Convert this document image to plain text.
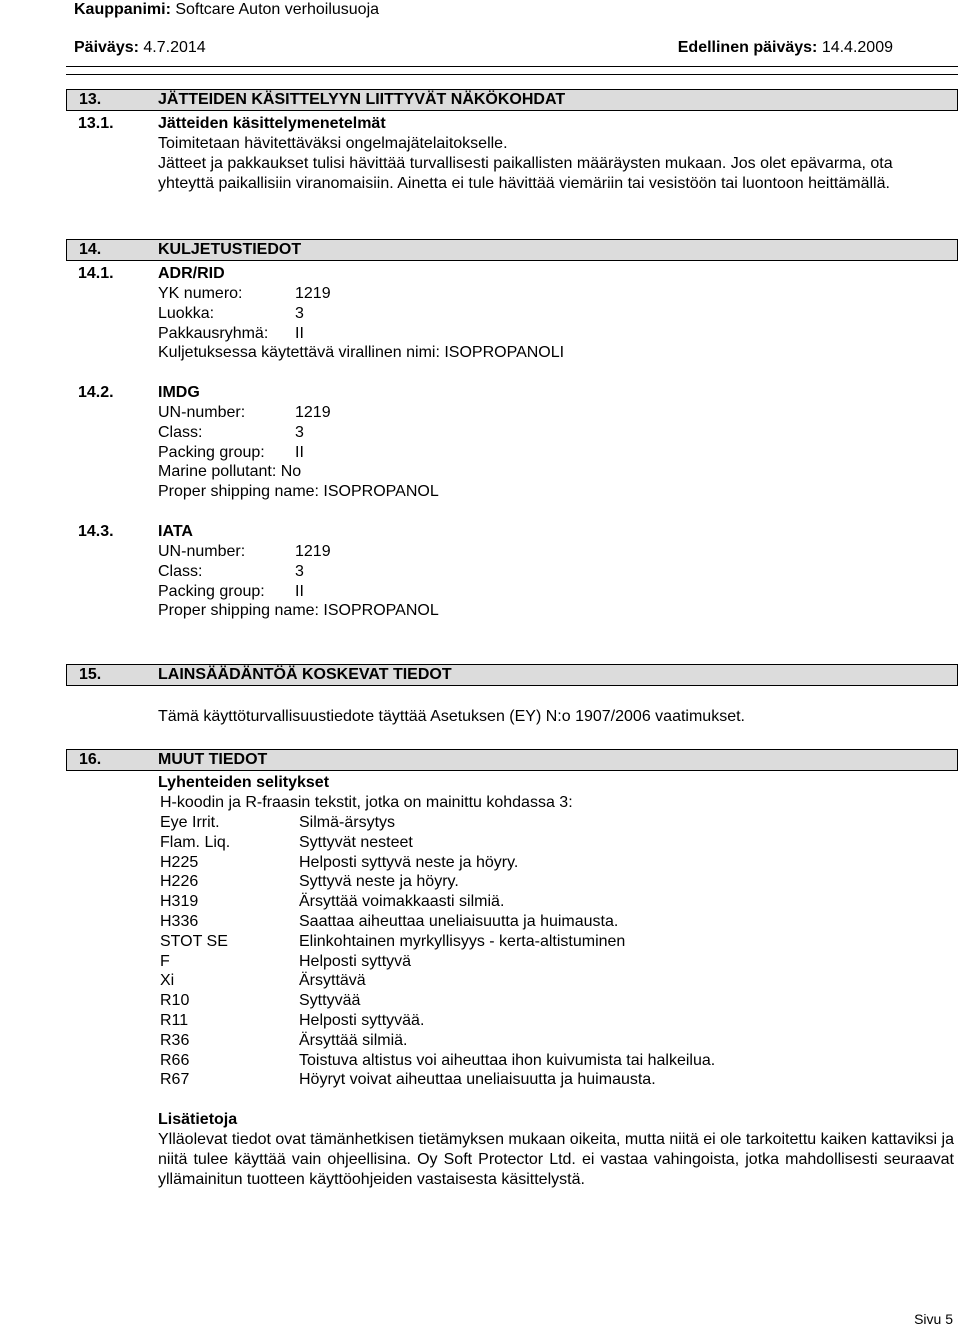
Kauppanimi: Softcare Auton verhoilusuoja
Päiväys: 4.7.2014	Edellinen päiväys: 14.4.2009
13.	JÄTTEIDEN KÄSITTELYYN LIITTYVÄT NÄKÖKOHDAT
13.1.	Jätteiden käsittelymenetelmät
Toimitetaan hävitettäväksi ongelmajätelaitokselle.
Jätteet ja pakkaukset tulisi hävittää turvallisesti paikallisten määräysten mukaan. Jos olet epävarma, ota
yhteyttä paikallisiin viranomaisiin. Ainetta ei tule hävittää viemäriin tai vesistöön tai luontoon heittämällä.
14.	KULJETUSTIEDOT
14.1.	ADR/RID
YK numero:	1219
Luokka:	3
Pakkausryhmä: II
Kuljetuksessa käytettävä virallinen nimi: ISOPROPANOLI
14.2.	IMDG
UN-number:	1219
Class:	3
Packing group: II
Marine pollutant: No
Proper shipping name: ISOPROPANOL
14.3.	IATA
UN-number:	1219
Class:	3
Packing group: II
Proper shipping name: ISOPROPANOL
15.	LAINSÄÄDÄNTÖÄ KOSKEVAT TIEDOT
Tämä käyttöturvallisuustiedote täyttää Asetuksen (EY) N:o 1907/2006 vaatimukset.
16.	MUUT TIEDOT
Lyhenteiden selitykset
H-koodin ja R-fraasin tekstit, jotka on mainittu kohdassa 3:
Eye Irrit.	Silmä-ärsytys
Flam. Liq.	Syttyvät nesteet
H225	Helposti syttyvä neste ja höyry.
H226	Syttyvä neste ja höyry.
H319	Ärsyttää voimakkaasti silmiä.
H336	Saattaa aiheuttaa uneliaisuutta ja huimausta.
STOT SE	Elinkohtainen myrkyllisyys - kerta-altistuminen
F	Helposti syttyvä
Xi	Ärsyttävä
R10	Syttyvää
R11	Helposti syttyvää.
R36	Ärsyttää silmiä.
R66	Toistuva altistus voi aiheuttaa ihon kuivumista tai halkeilua.
R67	Höyryt voivat aiheuttaa uneliaisuutta ja huimausta.
Lisätietoja
Ylläolevat tiedot ovat tämänhetkisen tietämyksen mukaan oikeita, mutta niitä ei ole tarkoitettu kaiken kattaviksi ja niitä tulee käyttää vain ohjeellisina. Oy Soft Protector Ltd. ei vastaa vahingoista, jotka mahdollisesti seuraavat yllämainitun tuotteen käyttöohjeiden vastaisesta käsittelystä.
Sivu 5
